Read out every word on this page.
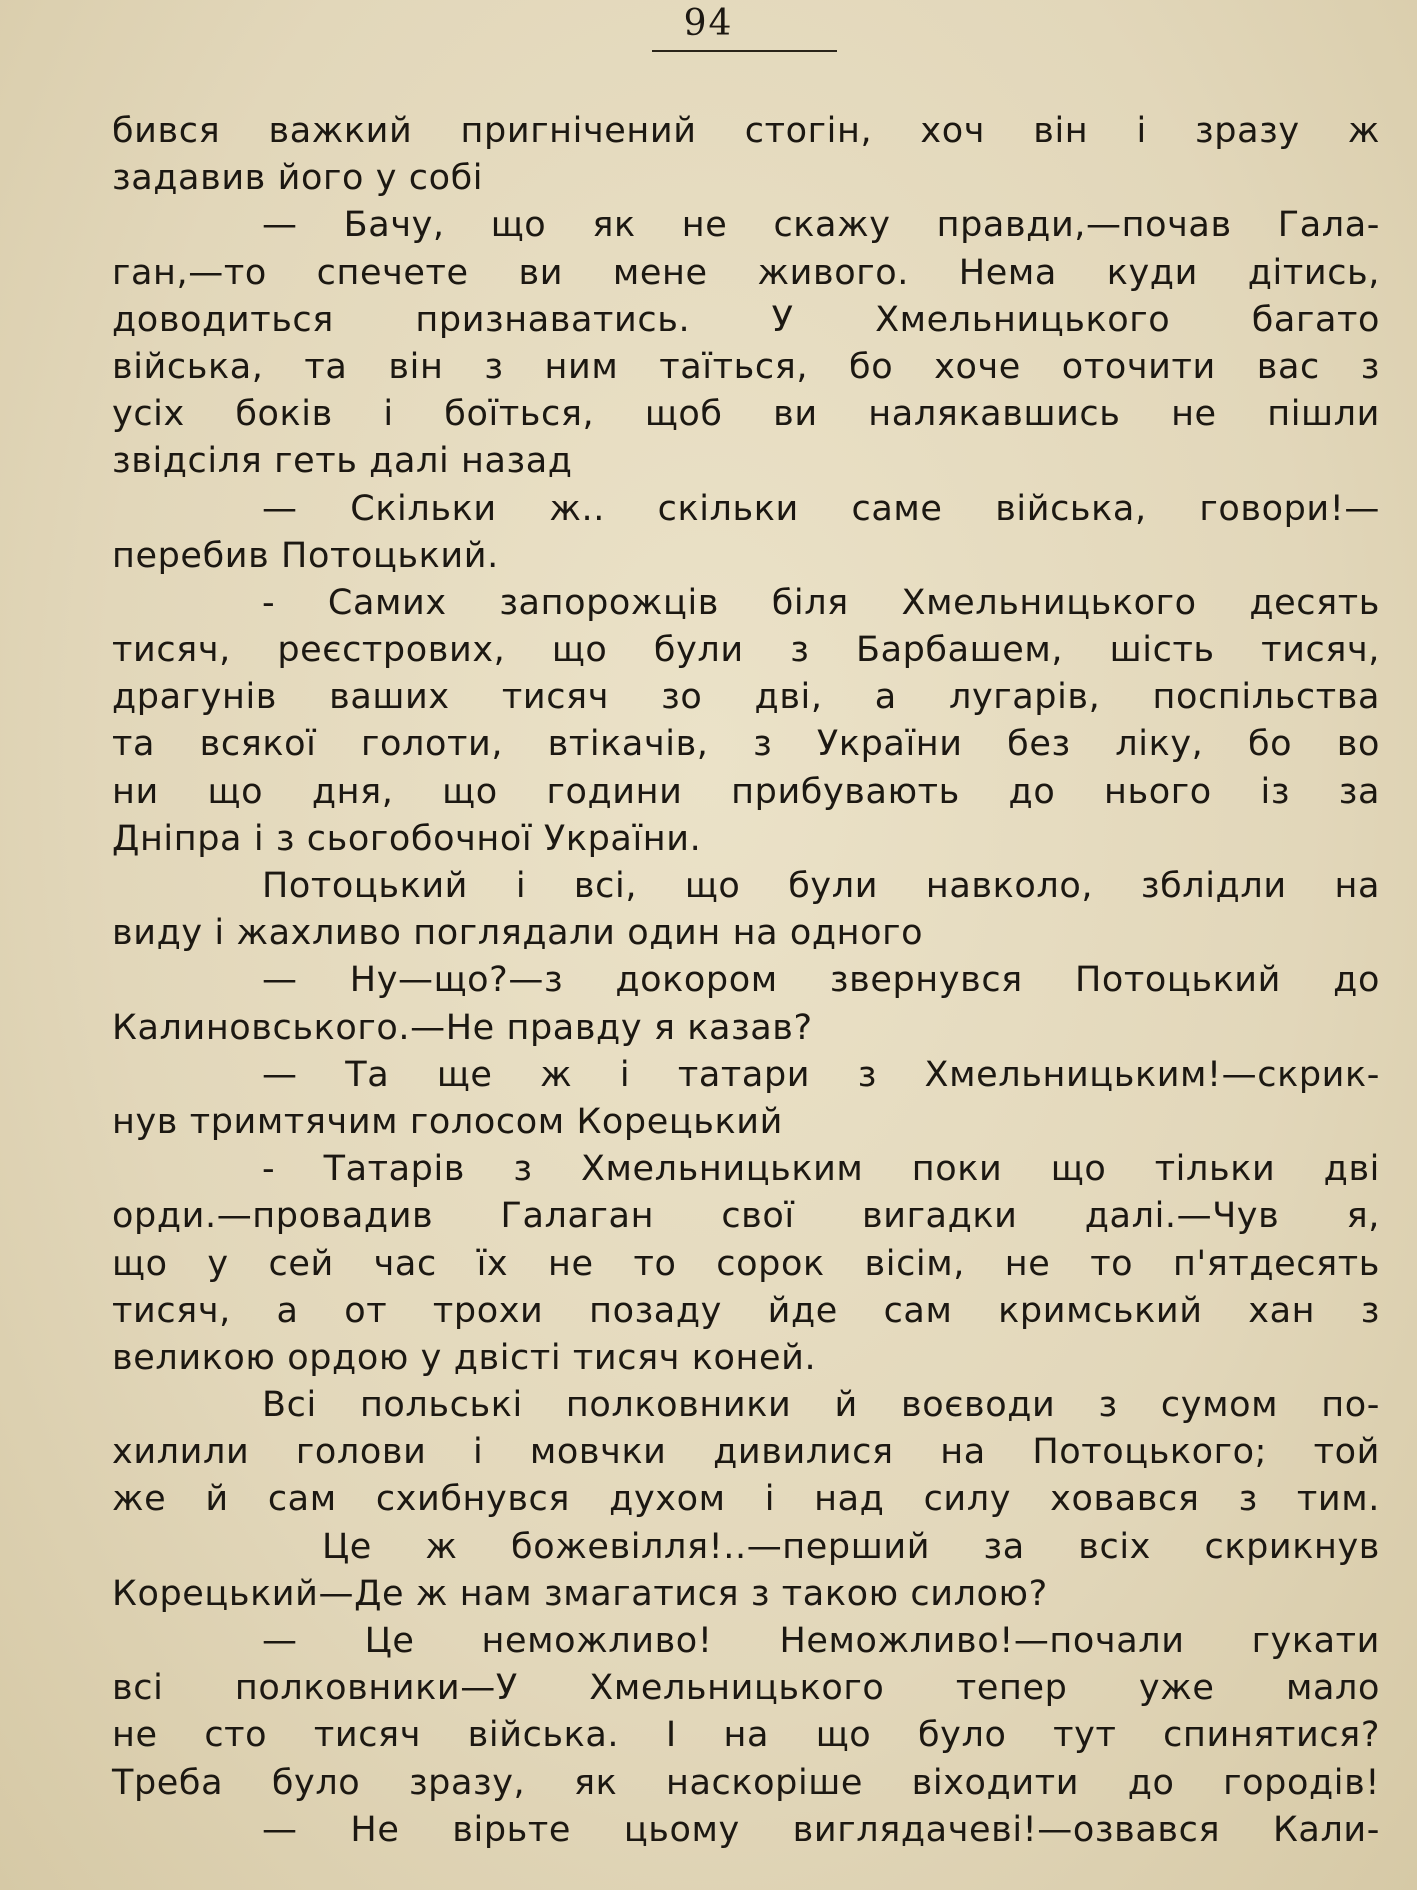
94
бився важкий пригнічений стогін, хоч він і зразу ж
задавив його у собі
— Бачу, що як не скажу правди,—почав Гала-
ган,—то спечете ви мене живого. Нема куди дітись,
доводиться признаватись. У Хмельницького багато
війська, та він з ним таїться, бо хоче оточити вас з
усіх боків і боїться, щоб ви налякавшись не пішли
звідсіля геть далі назад
— Скільки ж.. скільки саме війська, говори!—
перебив Потоцький.
- Самих запорожців біля Хмельницького десять
тисяч, реєстрових, що були з Барбашем, шість тисяч,
драгунів ваших тисяч зо дві, а лугарів, поспільства
та всякої голоти, втікачів, з України без ліку, бо во
ни що дня, що години прибувають до нього із за
Дніпра і з сьогобочної України.
Потоцький і всі, що були навколо, зблідли на
виду і жахливо поглядали один на одного
— Ну—що?—з докором звернувся Потоцький до
Калиновського.—Не правду я казав?
— Та ще ж і татари з Хмельницьким!—скрик-
нув тримтячим голосом Корецький
- Татарів з Хмельницьким поки що тільки дві
орди.—провадив Галаган свої вигадки далі.—Чув я,
що у сей час їх не то сорок вісім, не то п'ятдесять
тисяч, а от трохи позаду йде сам кримський хан з
великою ордою у двісті тисяч коней.
Всі польські полковники й воєводи з сумом по-
хилили голови і мовчки дивилися на Потоцького; той
же й сам схибнувся духом і над силу ховався з тим.
Це ж божевілля!..—перший за всіх скрикнув
Корецький—Де ж нам змагатися з такою силою?
— Це неможливо! Неможливо!—почали гукати
всі полковники—У Хмельницького тепер уже мало
не сто тисяч війська. І на що було тут спинятися?
Треба було зразу, як наскоріше віходити до городів!
— Не вірьте цьому виглядачеві!—озвався Кали-
